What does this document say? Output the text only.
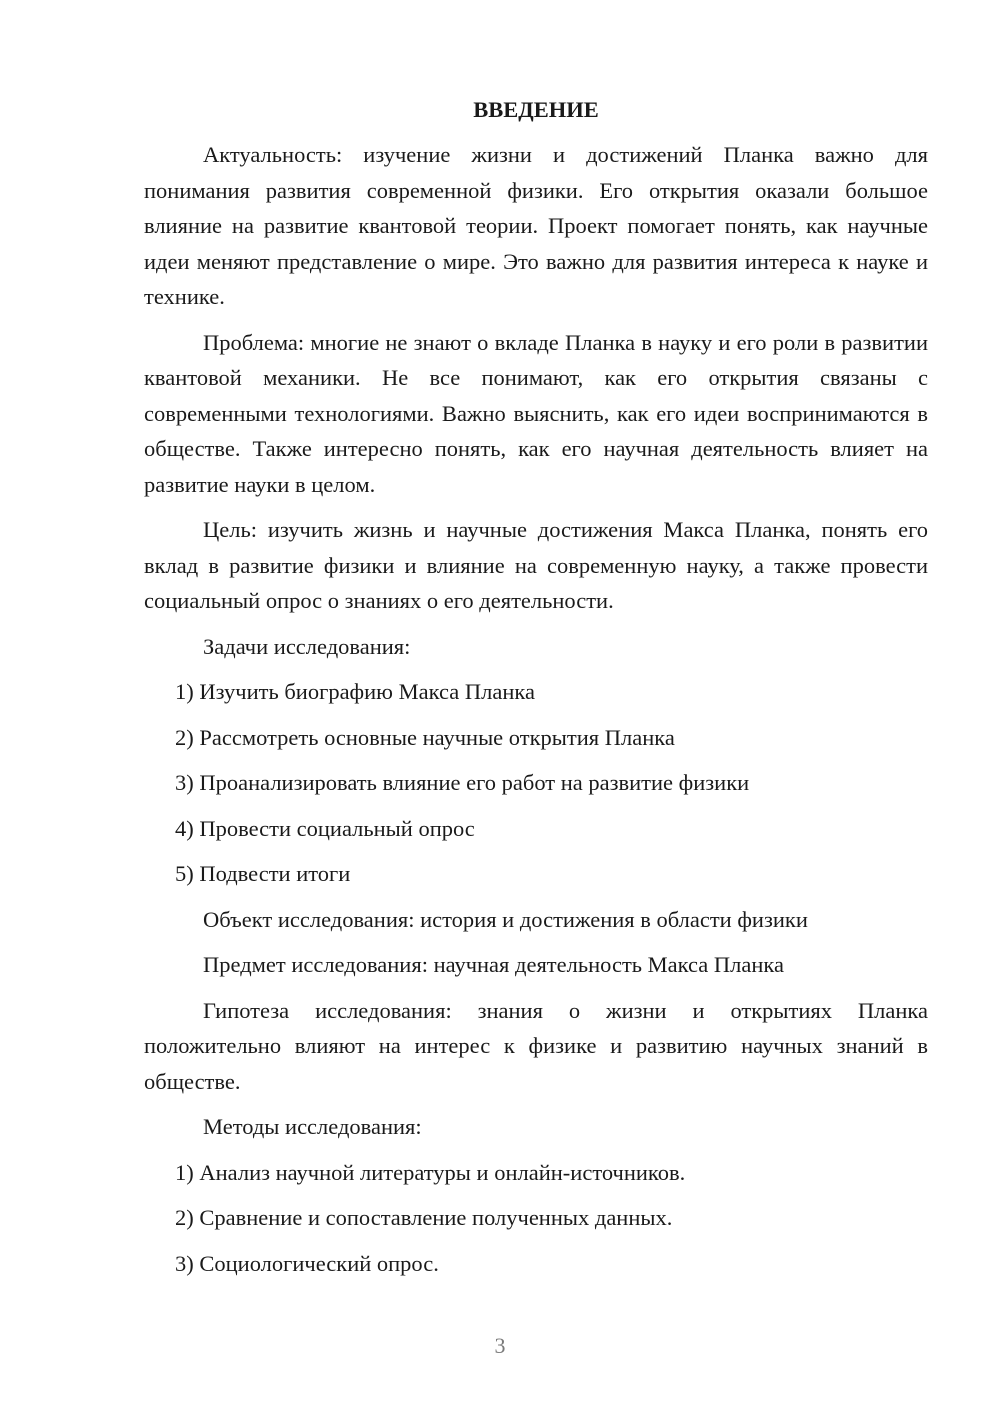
ВВЕДЕНИЕ

Актуальность: изучение жизни и достижений Планка важно для понимания развития современной физики. Его открытия оказали большое влияние на развитие квантовой теории. Проект помогает понять, как научные идеи меняют представление о мире. Это важно для развития интереса к науке и технике.

Проблема: многие не знают о вкладе Планка в науку и его роли в развитии квантовой механики. Не все понимают, как его открытия связаны с современными технологиями. Важно выяснить, как его идеи воспринимаются в обществе. Также интересно понять, как его научная деятельность влияет на развитие науки в целом.

Цель: изучить жизнь и научные достижения Макса Планка, понять его вклад в развитие физики и влияние на современную науку, а также провести социальный опрос о знаниях о его деятельности.

Задачи исследования:

1) Изучить биографию Макса Планка

2) Рассмотреть основные научные открытия Планка

3) Проанализировать влияние его работ на развитие физики

4) Провести социальный опрос

5) Подвести итоги

Объект исследования: история и достижения в области физики

Предмет исследования: научная деятельность Макса Планка

Гипотеза исследования: знания о жизни и открытиях Планка положительно влияют на интерес к физике и развитию научных знаний в обществе.

Методы исследования:

1) Анализ научной литературы и онлайн-источников.

2) Сравнение и сопоставление полученных данных.

3) Социологический опрос.

3
